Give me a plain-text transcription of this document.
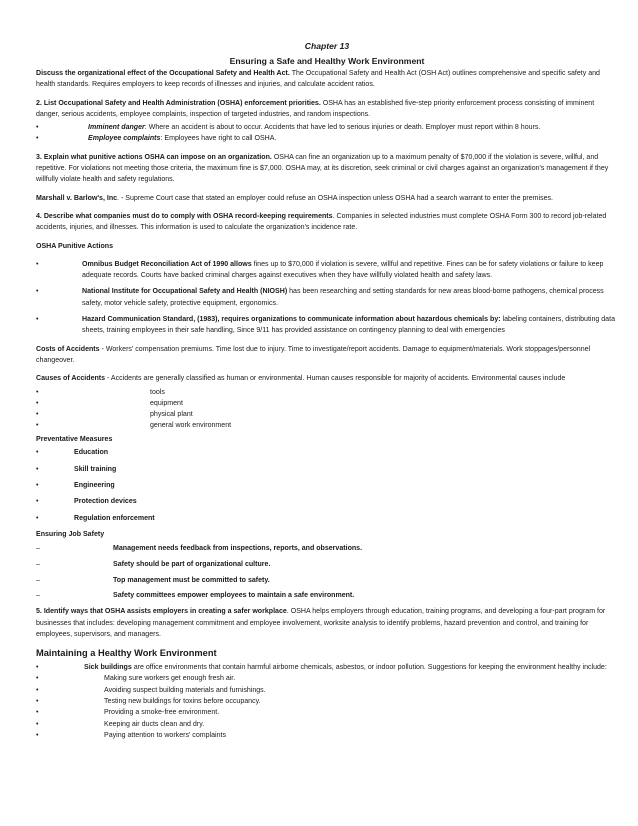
Chapter 13
Ensuring a Safe and Healthy Work Environment

Discuss the organizational effect of the Occupational Safety and Health Act. The Occupational Safety and Health Act (OSH Act) outlines comprehensive and specific safety and health standards. Requires employers to keep records of illnesses and injuries, and calculate accident ratios.

2. List Occupational Safety and Health Administration (OSHA) enforcement priorities. OSHA has an established five-step priority enforcement process consisting of imminent danger, serious accidents, employee complaints, inspection of targeted industries, and random inspections.

•	Imminent danger: Where an accident is about to occur. Accidents that have led to serious injuries or death. Employer must report within 8 hours.
•	Employee complaints: Employees have right to call OSHA.

3. Explain what punitive actions OSHA can impose on an organization. OSHA can fine an organization up to a maximum penalty of $70,000 if the violation is severe, willful, and repetitive. For violations not meeting those criteria, the maximum fine is $7,000. OSHA may, at its discretion, seek criminal or civil charges against an organization's management if they willfully violate health and safety regulations.

Marshall v. Barlow's, Inc. - Supreme Court case that stated an employer could refuse an OSHA inspection unless OSHA had a search warrant to enter the premises.

4. Describe what companies must do to comply with OSHA record-keeping requirements. Companies in selected industries must complete OSHA Form 300 to record job-related accidents, injuries, and illnesses. This information is used to calculate the organization's incidence rate.

OSHA Punitive Actions

•	Omnibus Budget Reconciliation Act of 1990 allows fines up to $70,000 if violation is severe, willful and repetitive. Fines can be for safety violations or failure to keep adequate records. Courts have backed criminal charges against executives when they have willfully violated health and safety laws.
•	National Institute for Occupational Safety and Health (NIOSH) has been researching and setting standards for new areas blood-borne pathogens, chemical process safety, motor vehicle safety, protective equipment, ergonomics.
•	Hazard Communication Standard, (1983), requires organizations to communicate information about hazardous chemicals by: labeling containers, distributing data sheets, training employees in their safe handling, Since 9/11 has provided assistance on contingency planning to deal with emergencies

Costs of Accidents - Workers' compensation premiums. Time lost due to injury. Time to investigate/report accidents. Damage to equipment/materials. Work stoppages/personnel changeover.

Causes of Accidents - Accidents are generally classified as human or environmental. Human causes responsible for majority of accidents. Environmental causes include

•	tools
•	equipment
•	physical plant
•	general work environment
Preventative Measures
•	Education
•	Skill training
•	Engineering
•	Protection devices
•	Regulation enforcement
Ensuring Job Safety
–	Management needs feedback from inspections, reports, and observations.
–	Safety should be part of organizational culture.
–	Top management must be committed to safety.
–	Safety committees empower employees to maintain a safe environment.

5. Identify ways that OSHA assists employers in creating a safer workplace. OSHA helps employers through education, training programs, and developing a four-part program for businesses that includes: developing management commitment and employee involvement, worksite analysis to identify problems, hazard prevention and control, and training for employees, supervisors, and managers.

Maintaining a Healthy Work Environment
•	Sick buildings are office environments that contain harmful airborne chemicals, asbestos, or indoor pollution. Suggestions for keeping the environment healthy include:
•	Making sure workers get enough fresh air.
•	Avoiding suspect building materials and furnishings.
•	Testing new buildings for toxins before occupancy.
•	Providing a smoke-free environment.
•	Keeping air ducts clean and dry.
•	Paying attention to workers' complaints
